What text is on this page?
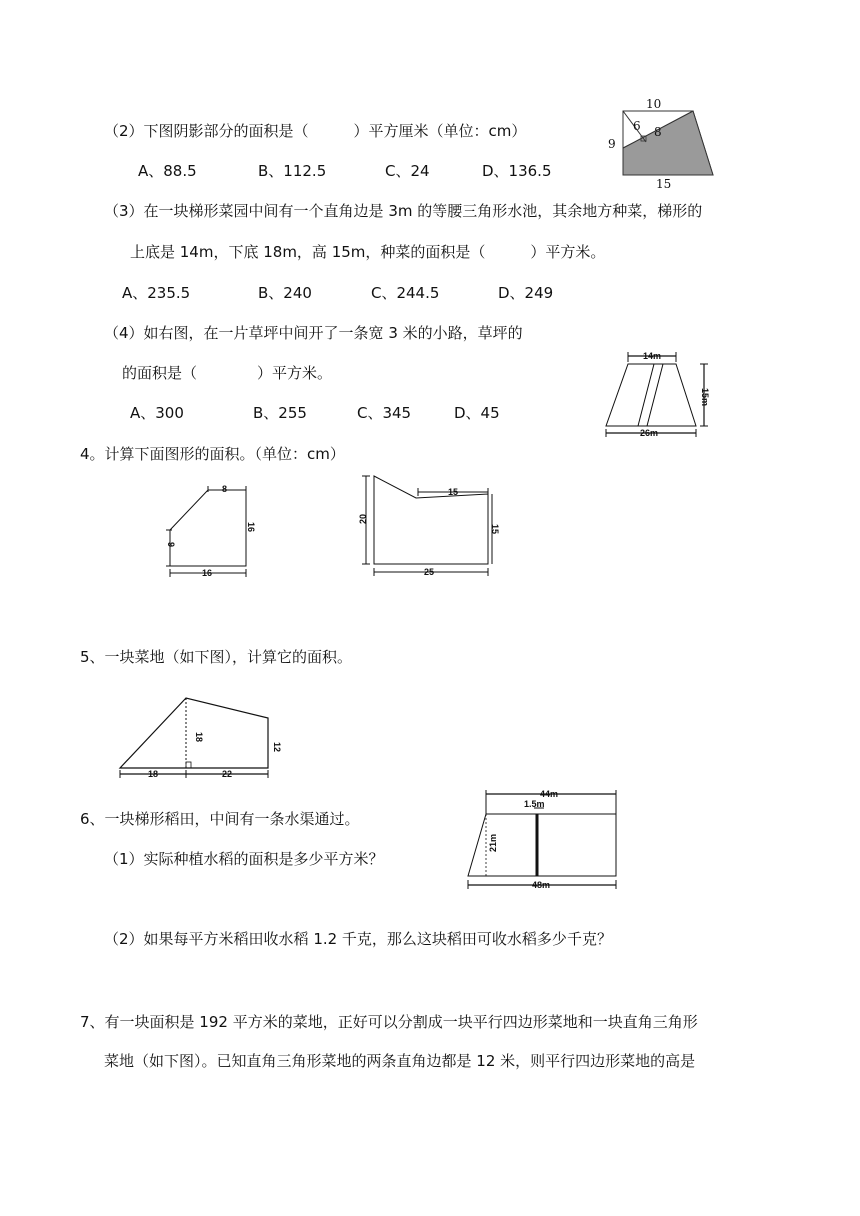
（2）下图阴影部分的面积是（　　　）平方厘米（单位：cm）
A、88.5	B、112.5	C、24	D、136.5
10
9
15
6 8
（3）在一块梯形菜园中间有一个直角边是 3m 的等腰三角形水池，其余地方种菜，梯形的
上底是 14m，下底 18m，高 15m，种菜的面积是（　　　）平方米。
A、235.5	B、240	C、244.5	D、249
（4）如右图，在一片草坪中间开了一条宽 3 米的小路，草坪的
的面积是（　　　　）平方米。
A、300	B、255	C、345	D、45
14m
15m
26m
4。计算下面图形的面积。（单位：cm）
8
16
9
16
15
20
15
25
5、一块菜地（如下图），计算它的面积。
18
12
18	22
6、一块梯形稻田，中间有一条水渠通过。
（1）实际种植水稻的面积是多少平方米？
44m
1.5m
21m
48m
（2）如果每平方米稻田收水稻 1.2 千克，那么这块稻田可收水稻多少千克？
7、有一块面积是 192 平方米的菜地，正好可以分割成一块平行四边形菜地和一块直角三角形
菜地（如下图）。已知直角三角形菜地的两条直角边都是 12 米，则平行四边形菜地的高是
